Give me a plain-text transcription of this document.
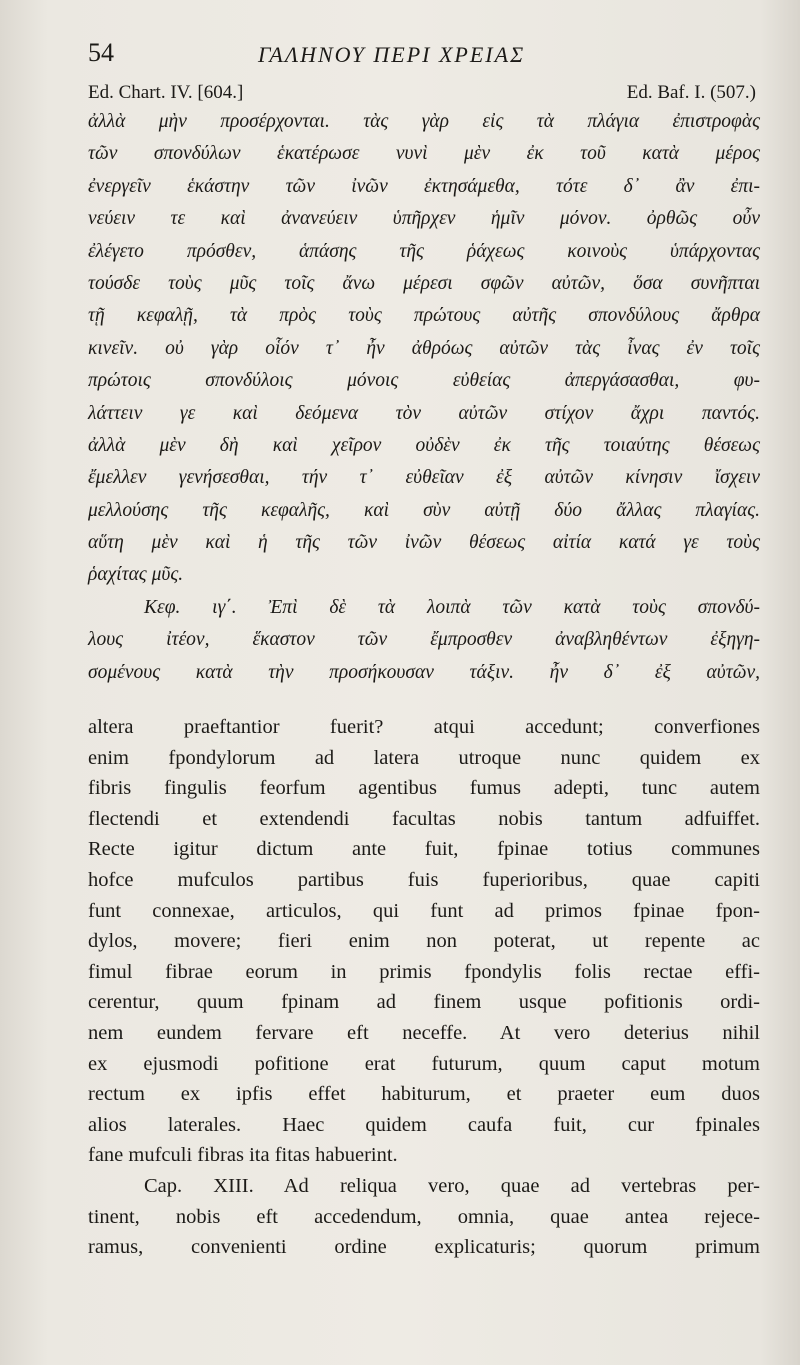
54	ΓΑΛΗΝΟΥ ΠΕΡΙ ΧΡΕΙΑΣ
Ed. Chart. IV. [604.]	Ed. Baf. I. (507.)
ἀλλὰ μὴν προσέρχονται. τὰς γὰρ εἰς τὰ πλάγια ἐπιστροφὰς
τῶν σπονδύλων ἑκατέρωσε νυνὶ μὲν ἐκ τοῦ κατὰ μέρος
ἐνεργεῖν ἑκάστην τῶν ἰνῶν ἐκτησάμεθα, τότε δ᾽ ἂν ἐπι-
νεύειν τε καὶ ἀνανεύειν ὑπῆρχεν ἡμῖν μόνον. ὀρθῶς οὖν
ἐλέγετο πρόσθεν, ἁπάσης τῆς ῥάχεως κοινοὺς ὑπάρχοντας
τούσδε τοὺς μῦς τοῖς ἄνω μέρεσι σφῶν αὐτῶν, ὅσα συνῆπται
τῇ κεφαλῇ, τὰ πρὸς τοὺς πρώτους αὐτῆς σπονδύλους ἄρθρα
κινεῖν. οὐ γὰρ οἷόν τ᾽ ἦν ἀθρόως αὐτῶν τὰς ἶνας ἐν τοῖς
πρώτοις σπονδύλοις μόνοις εὐθείας ἀπεργάσασθαι, φυ-
λάττειν γε καὶ δεόμενα τὸν αὐτῶν στίχον ἄχρι παντός.
ἀλλὰ μὲν δὴ καὶ χεῖρον οὐδὲν ἐκ τῆς τοιαύτης θέσεως
ἔμελλεν γενήσεσθαι, τήν τ᾽ εὐθεῖαν ἐξ αὐτῶν κίνησιν ἴσχειν
μελλούσης τῆς κεφαλῆς, καὶ σὺν αὐτῇ δύο ἄλλας πλαγίας.
αὕτη μὲν καὶ ἡ τῆς τῶν ἰνῶν θέσεως αἰτία κατά γε τοὺς
ῥαχίτας μῦς.
Κεφ. ιγ΄. Ἐπὶ δὲ τὰ λοιπὰ τῶν κατὰ τοὺς σπονδύ-
λους ἰτέον, ἕκαστον τῶν ἔμπροσθεν ἀναβληθέντων ἐξηγη-
σομένους κατὰ τὴν προσήκουσαν τάξιν. ἦν δ᾽ ἐξ αὐτῶν,
altera praeftantior fuerit? atqui accedunt; converfiones
enim fpondylorum ad latera utroque nunc quidem ex
fibris fingulis feorfum agentibus fumus adepti, tunc autem
flectendi et extendendi facultas nobis tantum adfuiffet.
Recte igitur dictum ante fuit, fpinae totius communes
hofce mufculos partibus fuis fuperioribus, quae capiti
funt connexae, articulos, qui funt ad primos fpinae fpon-
dylos, movere; fieri enim non poterat, ut repente ac
fimul fibrae eorum in primis fpondylis folis rectae effi-
cerentur, quum fpinam ad finem usque pofitionis ordi-
nem eundem fervare eft neceffe. At vero deterius nihil
ex ejusmodi pofitione erat futurum, quum caput motum
rectum ex ipfis effet habiturum, et praeter eum duos
alios laterales. Haec quidem caufa fuit, cur fpinales
fane mufculi fibras ita fitas habuerint.
Cap. XIII. Ad reliqua vero, quae ad vertebras per-
tinent, nobis eft accedendum, omnia, quae antea rejece-
ramus, convenienti ordine explicaturis; quorum primum
